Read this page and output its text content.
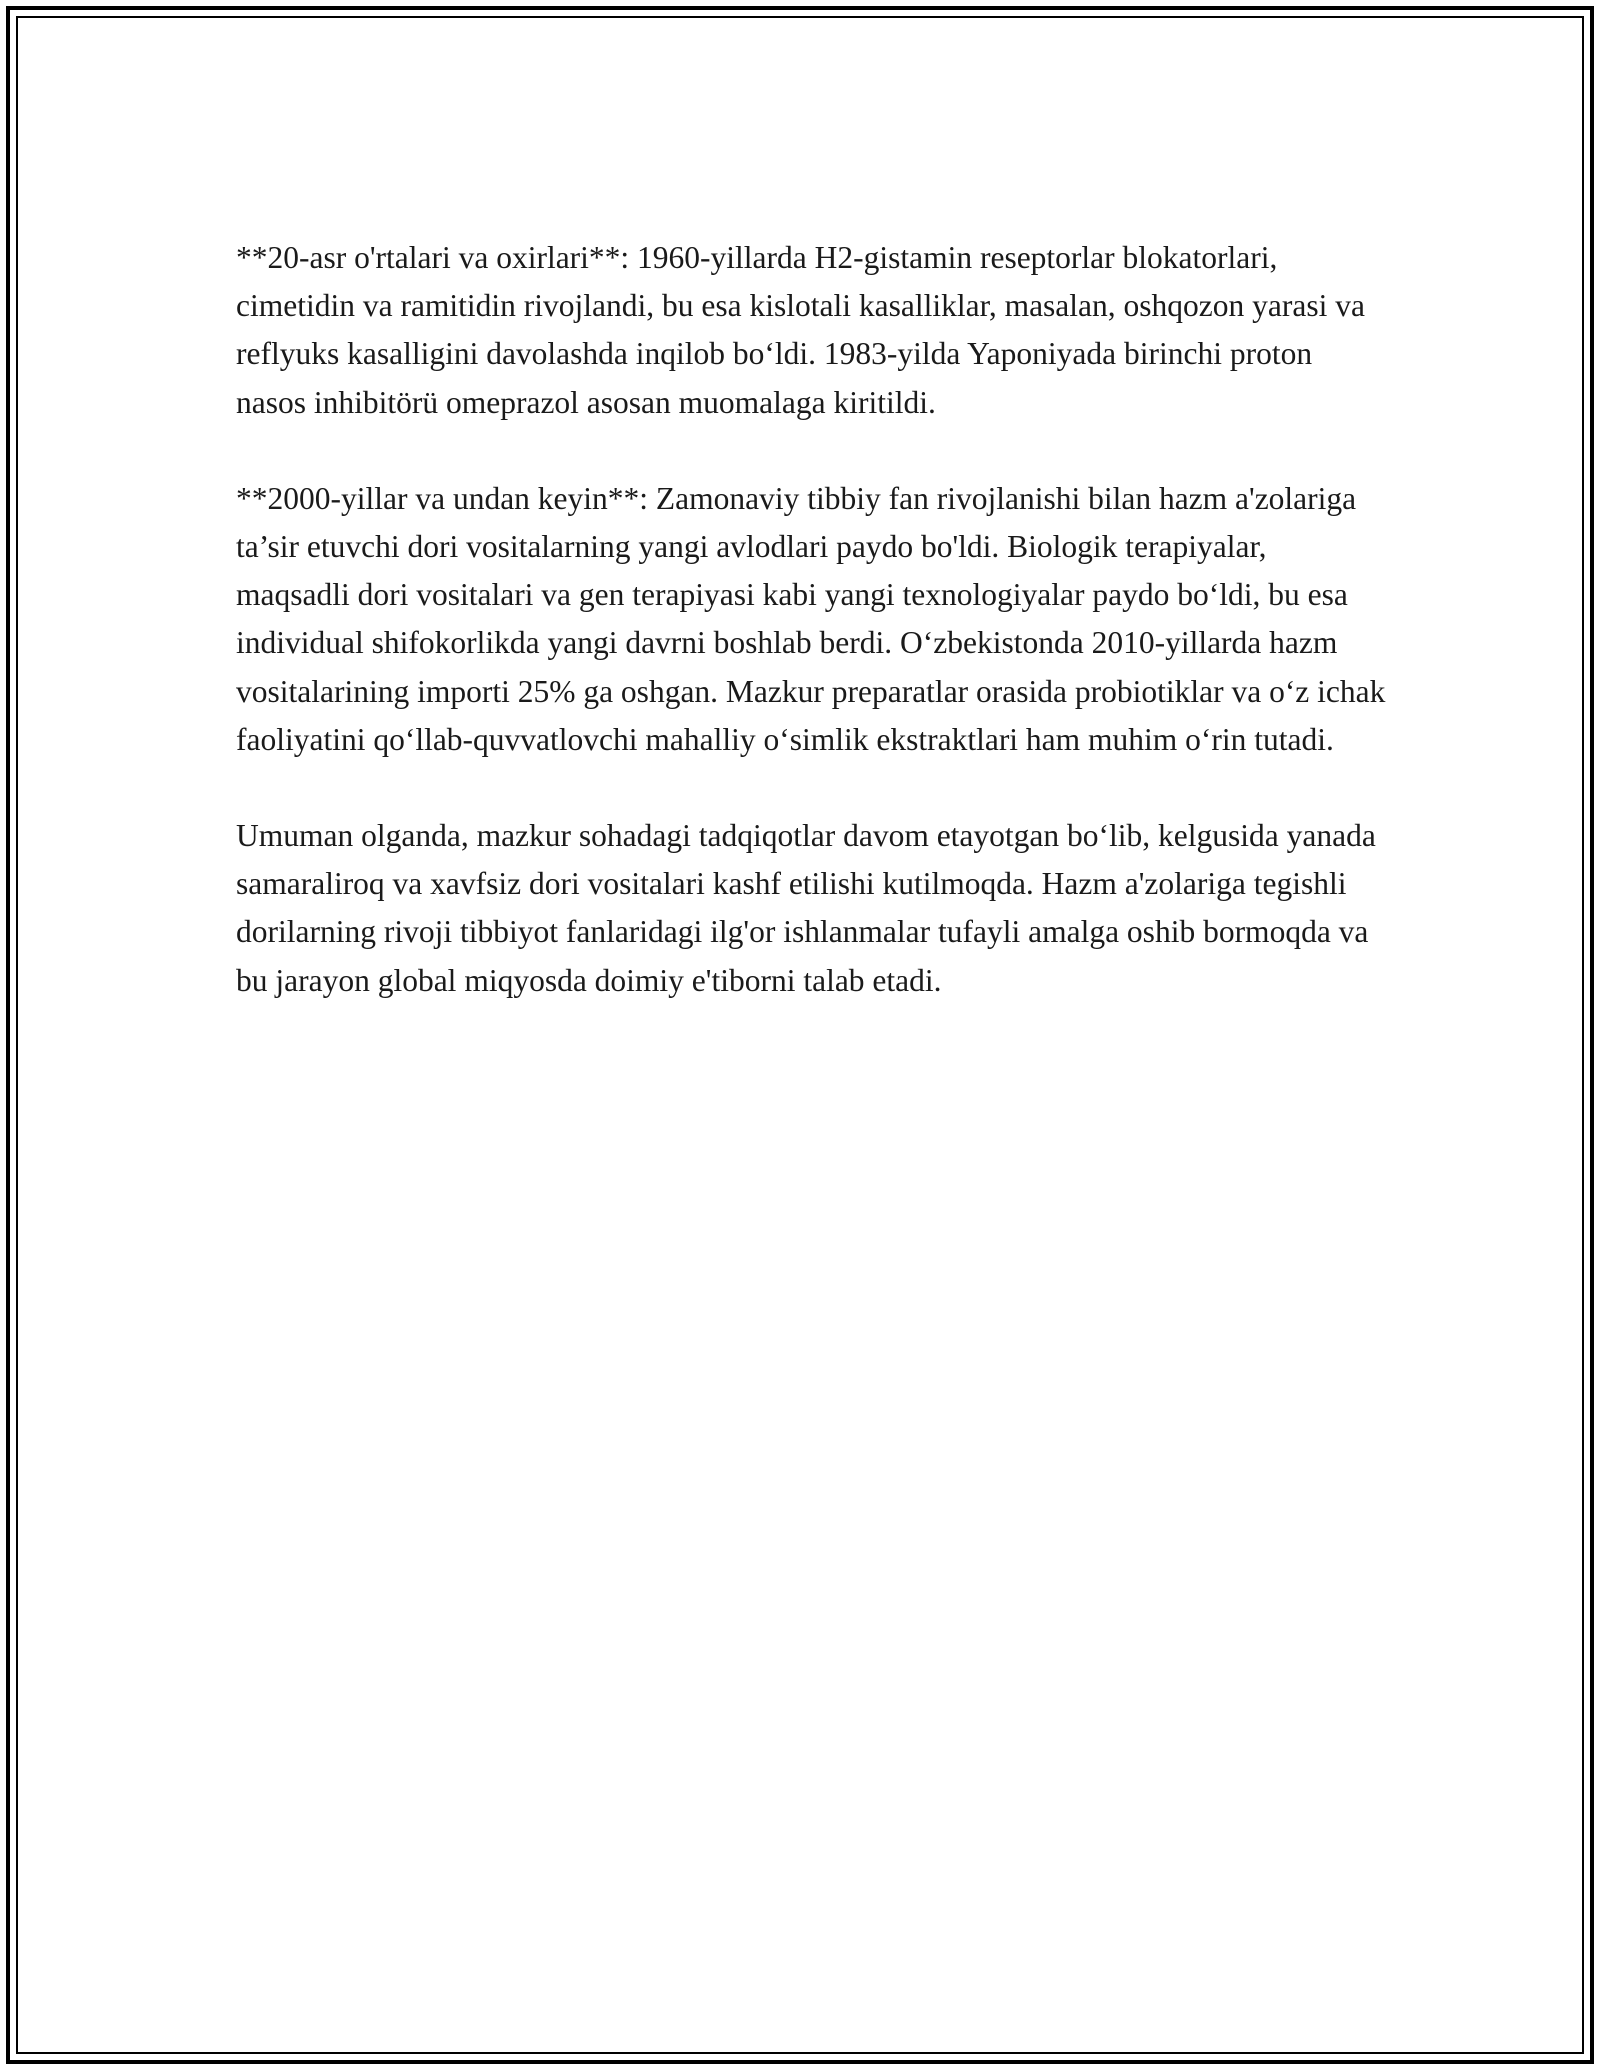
**20-asr o'rtalari va oxirlari**: 1960-yillarda H2-gistamin reseptorlar blokatorlari, cimetidin va ramitidin rivojlandi, bu esa kislotali kasalliklar, masalan, oshqozon yarasi va reflyuks kasalligini davolashda inqilob bo‘ldi. 1983-yilda Yaponiyada birinchi proton nasos inhibitörü omeprazol asosan muomalaga kiritildi.

**2000-yillar va undan keyin**: Zamonaviy tibbiy fan rivojlanishi bilan hazm a'zolariga ta’sir etuvchi dori vositalarning yangi avlodlari paydo bo'ldi. Biologik terapiyalar, maqsadli dori vositalari va gen terapiyasi kabi yangi texnologiyalar paydo bo‘ldi, bu esa individual shifokorlikda yangi davrni boshlab berdi. O‘zbekistonda 2010-yillarda hazm vositalarining importi 25% ga oshgan. Mazkur preparatlar orasida probiotiklar va o‘z ichak faoliyatini qo‘llab-quvvatlovchi mahalliy o‘simlik ekstraktlari ham muhim o‘rin tutadi.

Umuman olganda, mazkur sohadagi tadqiqotlar davom etayotgan bo‘lib, kelgusida yanada samaraliroq va xavfsiz dori vositalari kashf etilishi kutilmoqda. Hazm a'zolariga tegishli dorilarning rivoji tibbiyot fanlaridagi ilg'or ishlanmalar tufayli amalga oshib bormoqda va bu jarayon global miqyosda doimiy e'tiborni talab etadi.
